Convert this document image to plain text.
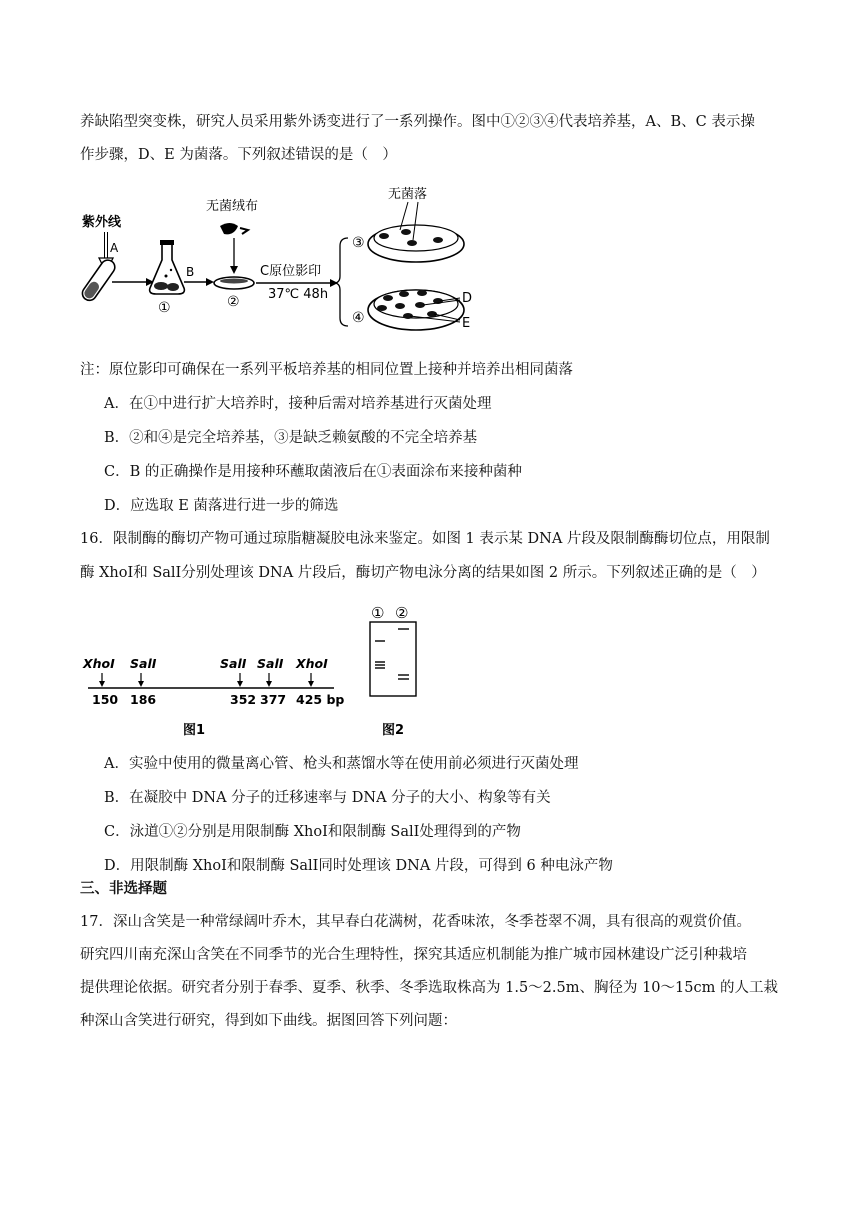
养缺陷型突变株，研究人员采用紫外诱变进行了一系列操作。图中①②③④代表培养基，A、B、C 表示操
作步骤，D、E 为菌落。下列叙述错误的是（　）
紫外线
A
①
B
②
无菌绒布
C原位影印
37℃ 48h
③
无菌落
④
D
E
注：原位影印可确保在一系列平板培养基的相同位置上接种并培养出相同菌落
A．在①中进行扩大培养时，接种后需对培养基进行灭菌处理
B．②和④是完全培养基，③是缺乏赖氨酸的不完全培养基
C．B 的正确操作是用接种环蘸取菌液后在①表面涂布来接种菌种
D．应选取 E 菌落进行进一步的筛选
16．限制酶的酶切产物可通过琼脂糖凝胶电泳来鉴定。如图 1 表示某 DNA 片段及限制酶酶切位点，用限制
酶 XhoⅠ和 SalⅠ分别处理该 DNA 片段后，酶切产物电泳分离的结果如图 2 所示。下列叙述正确的是（　）
XhoⅠ SalⅠ	SalⅠ SalⅠ XhoⅠ
150 186	352 377 425 bp
图1
① ②
图2
A．实验中使用的微量离心管、枪头和蒸馏水等在使用前必须进行灭菌处理
B．在凝胶中 DNA 分子的迁移速率与 DNA 分子的大小、构象等有关
C．泳道①②分别是用限制酶 XhoⅠ和限制酶 SalⅠ处理得到的产物
D．用限制酶 XhoⅠ和限制酶 SalⅠ同时处理该 DNA 片段，可得到 6 种电泳产物
三、非选择题
17．深山含笑是一种常绿阔叶乔木，其早春白花满树，花香味浓，冬季苍翠不凋，具有很高的观赏价值。
研究四川南充深山含笑在不同季节的光合生理特性，探究其适应机制能为推广城市园林建设广泛引种栽培
提供理论依据。研究者分别于春季、夏季、秋季、冬季选取株高为 1.5～2.5m、胸径为 10～15cm 的人工栽
种深山含笑进行研究，得到如下曲线。据图回答下列问题：
